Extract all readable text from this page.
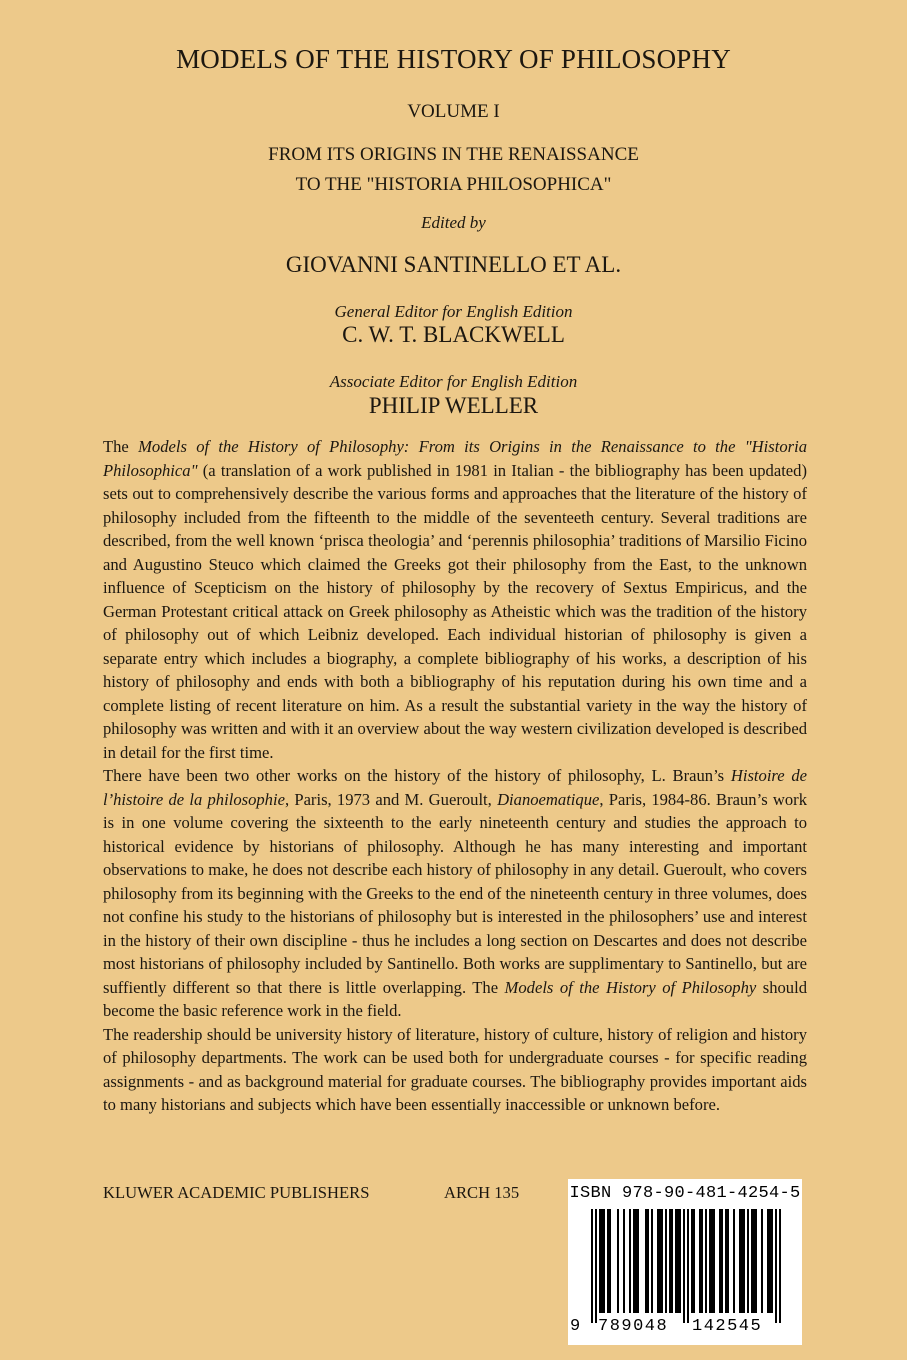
MODELS OF THE HISTORY OF PHILOSOPHY
VOLUME I
FROM ITS ORIGINS IN THE RENAISSANCE
TO THE "HISTORIA PHILOSOPHICA"
Edited by
GIOVANNI SANTINELLO ET AL.
General Editor for English Edition
C. W. T. BLACKWELL
Associate Editor for English Edition
PHILIP WELLER

The Models of the History of Philosophy: From its Origins in the Renaissance to the "Historia Philosophica" (a translation of a work published in 1981 in Italian - the bibliography has been updated) sets out to comprehensively describe the various forms and approaches that the literature of the history of philosophy included from the fifteenth to the middle of the seventeeth century. Several traditions are described, from the well known ‘prisca theologia’ and ‘perennis philosophia’ traditions of Marsilio Ficino and Augustino Steuco which claimed the Greeks got their philosophy from the East, to the unknown influence of Scepticism on the history of philosophy by the recovery of Sextus Empiricus, and the German Protestant critical attack on Greek philosophy as Atheistic which was the tradition of the history of philosophy out of which Leibniz developed. Each individual historian of philosophy is given a separate entry which includes a biography, a complete bibliography of his works, a description of his history of philosophy and ends with both a bibliography of his reputation during his own time and a complete listing of recent literature on him. As a result the substantial variety in the way the history of philosophy was written and with it an overview about the way western civilization developed is described in detail for the first time.

There have been two other works on the history of the history of philosophy, L. Braun’s Histoire de l’histoire de la philosophie, Paris, 1973 and M. Gueroult, Dianoematique, Paris, 1984-86. Braun’s work is in one volume covering the sixteenth to the early nineteenth century and studies the approach to historical evidence by historians of philosophy. Although he has many interesting and important observations to make, he does not describe each history of philosophy in any detail. Gueroult, who covers philosophy from its beginning with the Greeks to the end of the nineteenth century in three volumes, does not confine his study to the historians of philosophy but is interested in the philosophers’ use and interest in the history of their own discipline - thus he includes a long section on Descartes and does not describe most historians of philosophy included by Santinello. Both works are supplimentary to Santinello, but are suffiently different so that there is little overlapping. The Models of the History of Philosophy should become the basic reference work in the field.

The readership should be university history of literature, history of culture, history of religion and history of philosophy departments. The work can be used both for undergraduate courses - for specific reading assignments - and as background material for graduate courses. The bibliography provides important aids to many historians and subjects which have been essentially inaccessible or unknown before.

KLUWER ACADEMIC PUBLISHERS	ARCH 135	ISBN 978-90-481-4254-5
9 789048 142545
